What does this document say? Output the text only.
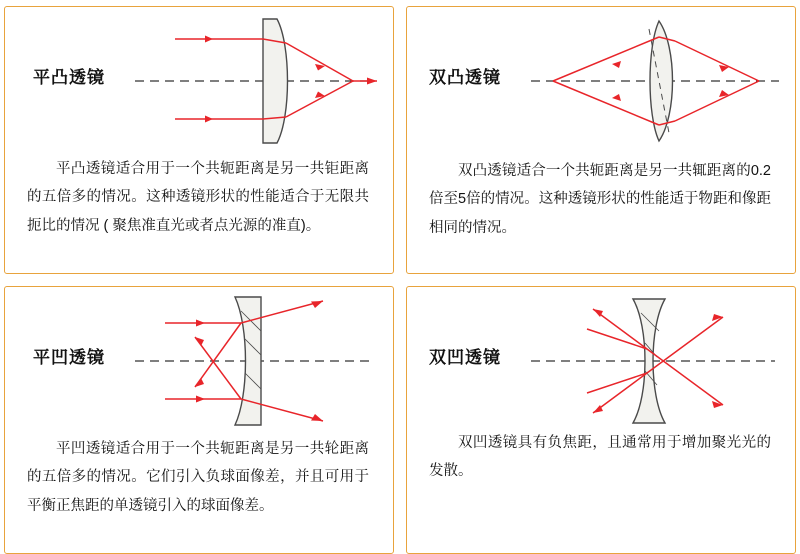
平凸透镜
平凸透镜适合用于一个共轭距离是另一共钜距离的五倍多的情况。这种透镜形状的性能适合于无限共扼比的情况 ( 聚焦准直光或者点光源的准直)。
双凸透镜
双凸透镜适合一个共轭距离是另一共辄距离的0.2倍至5倍的情况。这种透镜形状的性能适于物距和像距相同的情况。
平凹透镜
平凹透镜适合用于一个共轭距离是另一共轮距离的五倍多的情况。它们引入负球面像差，并且可用于平衡正焦距的单透镜引入的球面像差。
双凹透镜
双凹透镜具有负焦距，且通常用于增加聚光光的发散。
